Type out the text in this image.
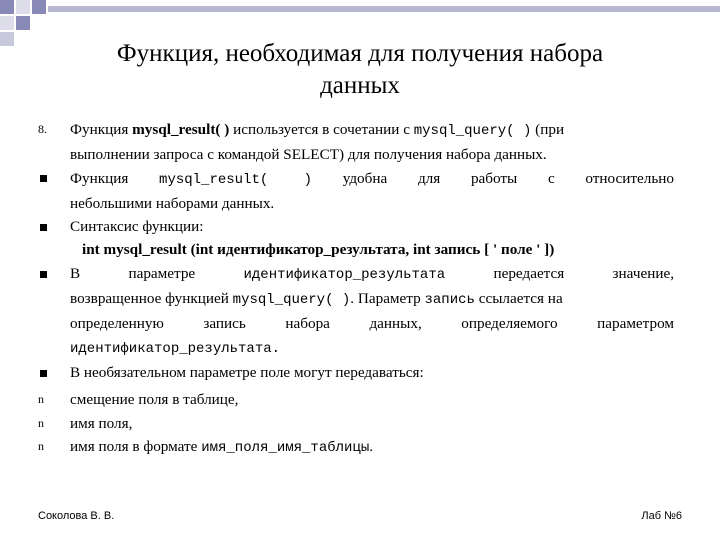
Функция, необходимая для получения набора
данных
8.	Функция mysql_result( ) используется в сочетании с mysql_query( ) (при
выполнении запроса с командой SELECT) для получения набора данных.
Функция mysql_result( ) удобна для работы с относительно
небольшими наборами данных.
Синтаксис функции:

int mysql_result (int идентификатор_результата, int запись [ ' поле ' ])
В параметре	идентификатор_результата	передается значение,
возвращенное функцией mysql_query( ). Параметр запись ссылается на

определенную запись набора данных, определяемого параметром
идентификатор_результата.
В необязательном параметре поле могут передаваться:
n	смещение поля в таблице,
n	имя поля,
n	имя поля в формате имя_поля_имя_таблицы.
Соколова В. В.	Лаб №6
